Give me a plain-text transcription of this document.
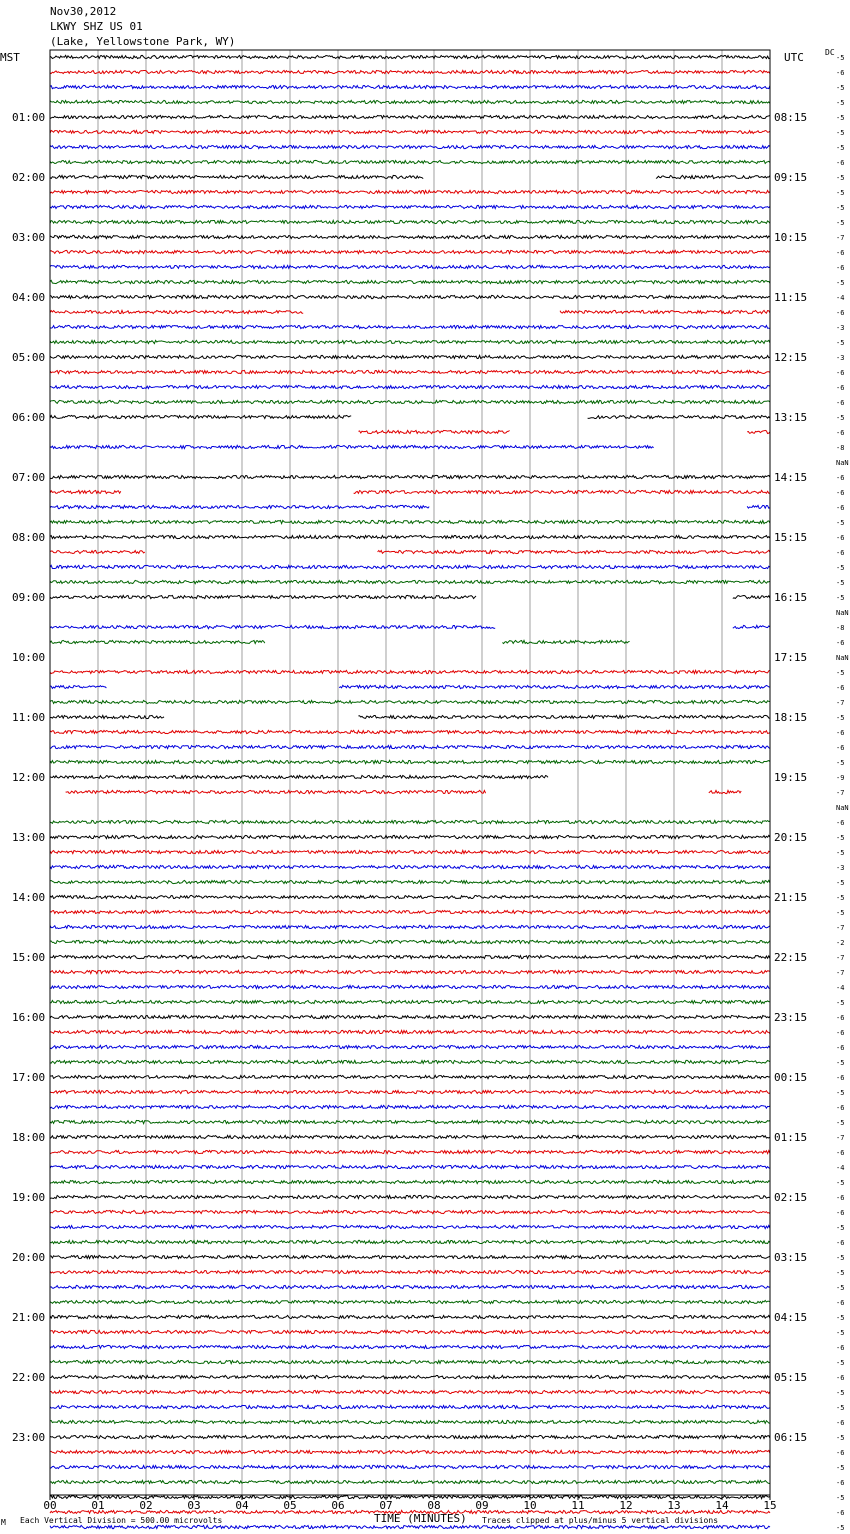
00	01	02	03	04	05	06	07	08	09	10	11	12	13	14	15
-5
-6
-5
-5
-5
-5
-5
-6
-5
-5
-5
-5
-7
-6
-6
-5
-4
-6
-3
-5
-3
-6
-6
-6
-5
-6
-8
NaN
-6
-6
-6
-5
-6
-6
-5
-5
-5
NaN
-8
-6
NaN
-5
-6
-7
-5
-6
-6
-5
-9
-7
NaN
-6
-5
-5
-3
-5
-5
-5
-7
-2
-7
-7
-4
-5
-6
-6
-6
-5
-6
-5
-6
-5
-7
-6
-4
-5
-6
-6
-5
-6
-5
-5
-5
-6
-5
-5
-6
-5
-6
-5
-5
-6
-5
-6
-5
-6
-5
-6
-5
01:00
02:00
03:00
04:00
05:00
06:00
07:00
08:00
09:00
10:00
11:00
12:00
13:00
14:00
15:00
16:00
17:00
18:00
19:00
20:00
21:00
22:00
23:00
08:15
09:15
10:15
11:15
12:15
13:15
14:15
15:15
16:15
17:15
18:15
19:15
20:15
21:15
22:15
23:15
00:15
01:15
02:15
03:15
04:15
05:15
06:15
Nov30,2012
LKWY SHZ US 01
(Lake, Yellowstone Park, WY)
MST	UTC	DC
M Each Vertical Division = 500.00 microvolts	TIME (MINUTES) Traces clipped at plus/minus 5 vertical divisions
